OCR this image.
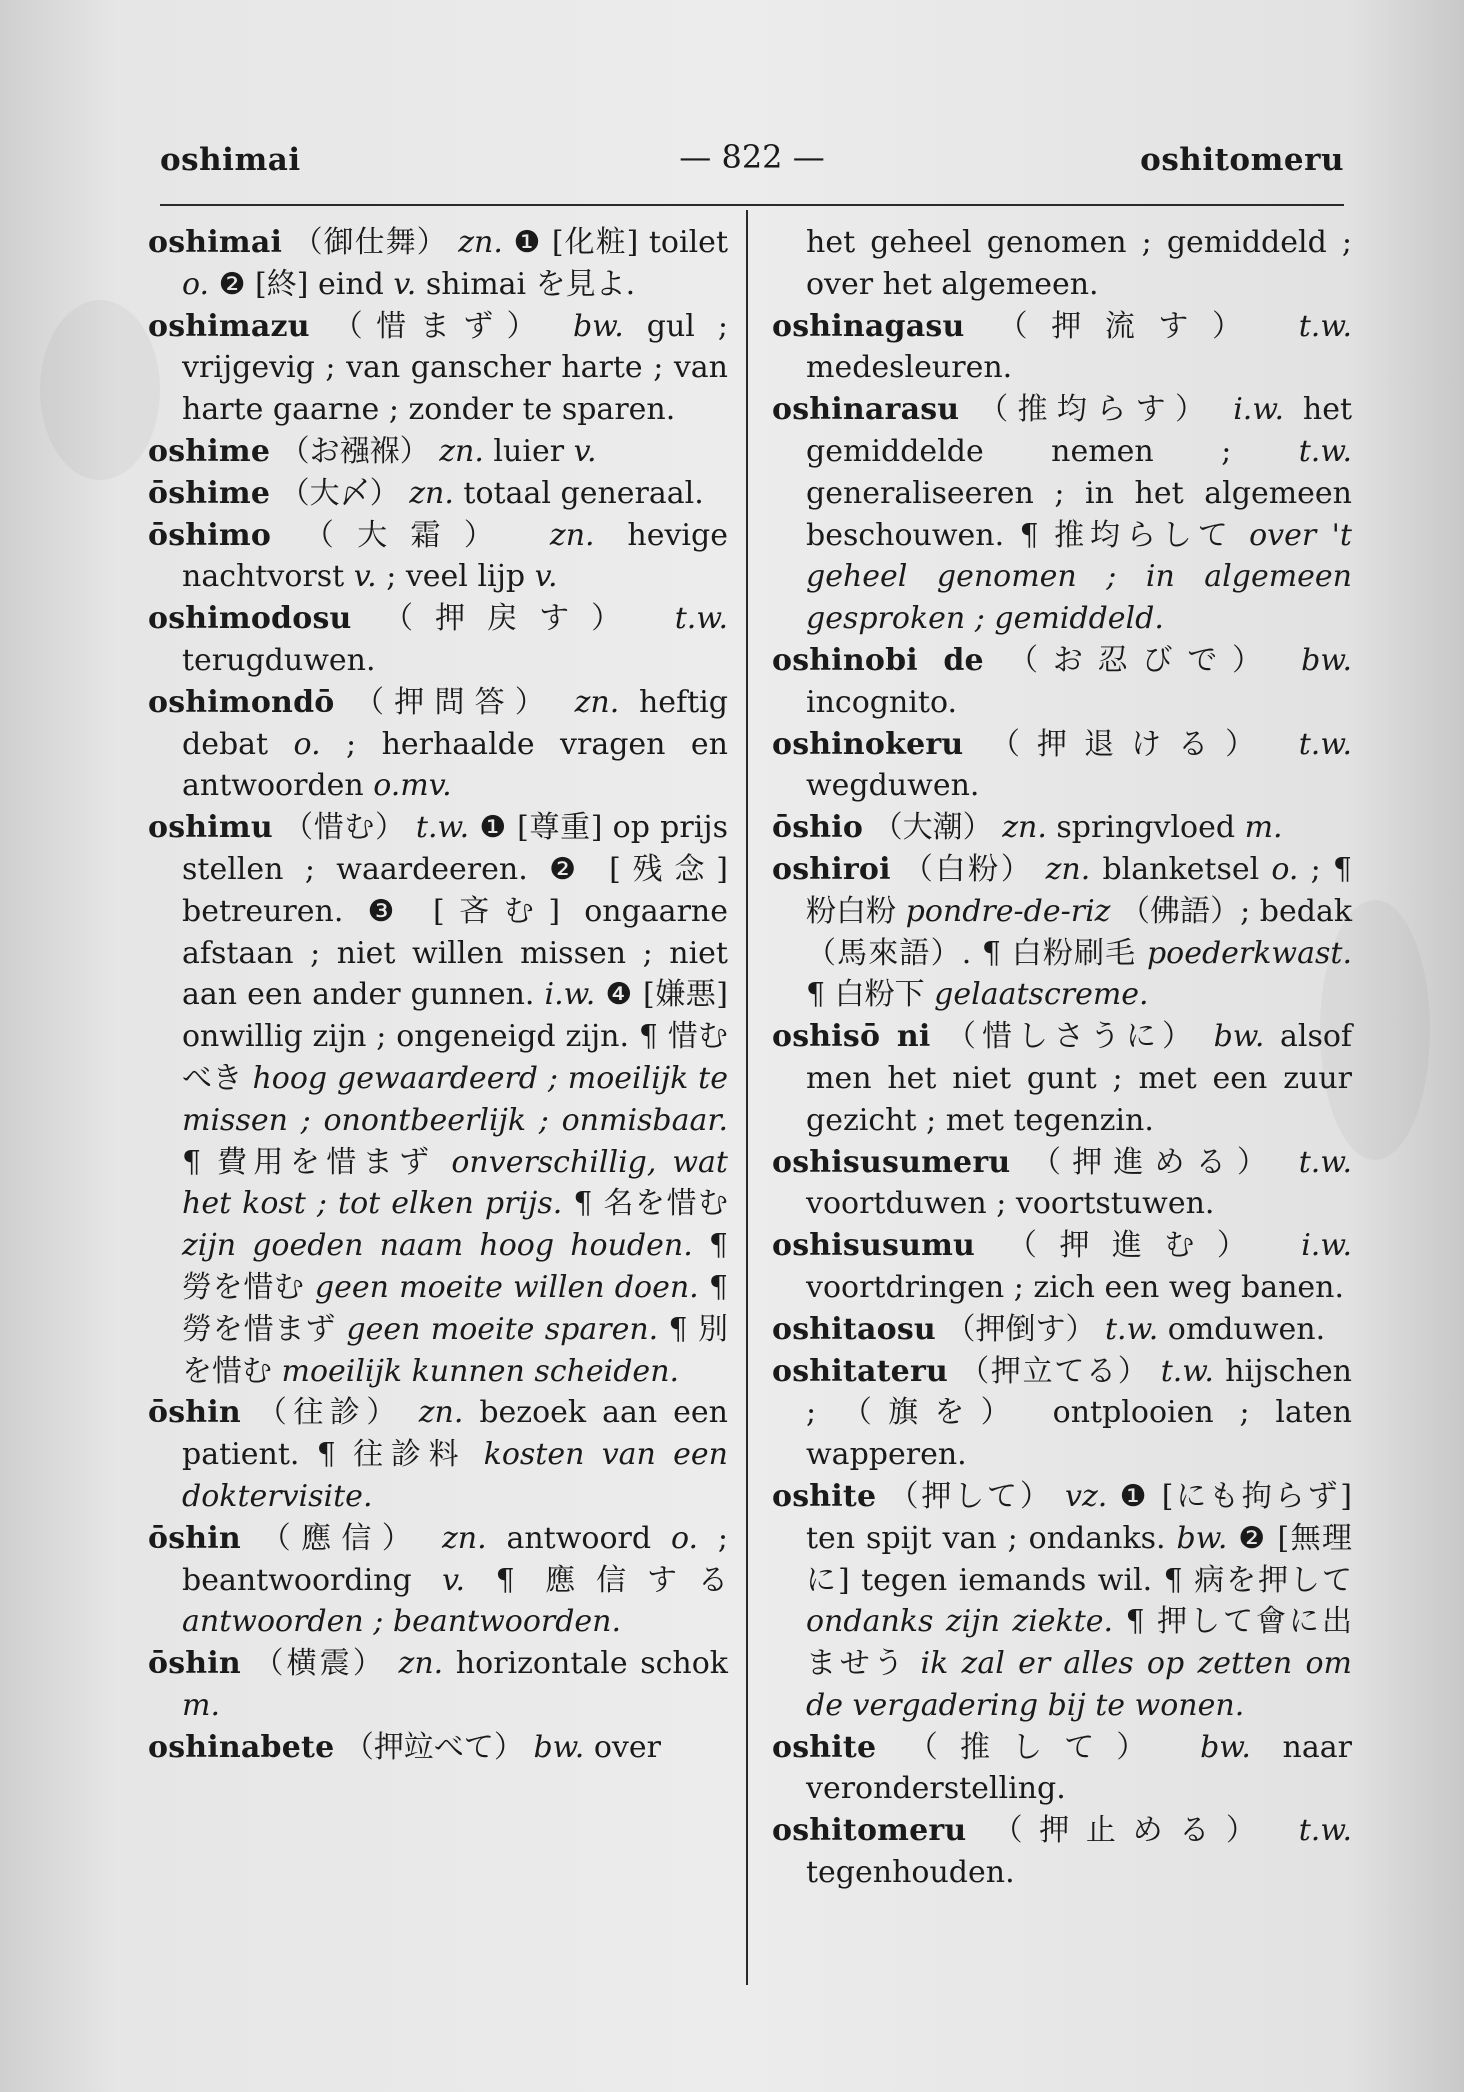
oshimai	— 822 —	oshitomeru
oshimai （御仕舞） zn. ❶ [化粧] toilet o. ❷ [終] eind v. shimai を見よ.
oshimazu （惜まず） bw. gul ; vrijgevig ; van ganscher harte ; van harte gaarne ; zonder te sparen.
oshime （お襁褓） zn. luier v.
ōshime （大〆） zn. totaal generaal.
ōshimo （大霜） zn. hevige nachtvorst v. ; veel lijp v.
oshimodosu （押戻す） t.w. terugduwen.
oshimondō （押問答） zn. heftig debat o. ; herhaalde vragen en antwoorden o.mv.
oshimu （惜む） t.w. ❶ [尊重] op prijs stellen ; waardeeren. ❷ [残念] betreuren. ❸ [吝む] ongaarne afstaan ; niet willen missen ; niet aan een ander gunnen. i.w. ❹ [嫌悪] onwillig zijn ; ongeneigd zijn. ¶ 惜むべき hoog gewaardeerd ; moeilijk te missen ; onontbeerlijk ; onmisbaar. ¶ 費用を惜まず onverschillig, wat het kost ; tot elken prijs. ¶ 名を惜む zijn goeden naam hoog houden. ¶ 勞を惜む geen moeite willen doen. ¶ 勞を惜まず geen moeite sparen. ¶ 別を惜む moeilijk kunnen scheiden.
ōshin （往診） zn. bezoek aan een patient. ¶ 往診料 kosten van een doktervisite.
ōshin （應信） zn. antwoord o. ; beantwoording v. ¶ 應信する antwoorden ; beantwoorden.
ōshin （横震） zn. horizontale schok m.
oshinabete （押竝べて） bw. over
het geheel genomen ; gemiddeld ; over het algemeen.
oshinagasu （押流す） t.w. medesleuren.
oshinarasu （推均らす） i.w. het gemiddelde nemen ; t.w. generaliseeren ; in het algemeen beschouwen. ¶ 推均らして over 't geheel genomen ; in algemeen gesproken ; gemiddeld.
oshinobi de （お忍びで） bw. incognito.
oshinokeru （押退ける） t.w. wegduwen.
ōshio （大潮） zn. springvloed m.
oshiroi （白粉） zn. blanketsel o. ; ¶ 粉白粉 pondre-de-riz （佛語）; bedak （馬來語）. ¶ 白粉刷毛 poederkwast. ¶ 白粉下 gelaatscreme.
oshisō ni （惜しさうに） bw. alsof men het niet gunt ; met een zuur gezicht ; met tegenzin.
oshisusumeru （押進める） t.w. voortduwen ; voortstuwen.
oshisusumu （押進む） i.w. voortdringen ; zich een weg banen.
oshitaosu （押倒す） t.w. omduwen.
oshitateru （押立てる） t.w. hijschen ; （旗を） ontplooien ; laten wapperen.
oshite （押して） vz. ❶ [にも拘らず] ten spijt van ; ondanks. bw. ❷ [無理に] tegen iemands wil. ¶ 病を押して ondanks zijn ziekte. ¶ 押して會に出ませう ik zal er alles op zetten om de vergadering bij te wonen.
oshite （推して） bw. naar veronderstelling.
oshitomeru （押止める） t.w. tegenhouden.
